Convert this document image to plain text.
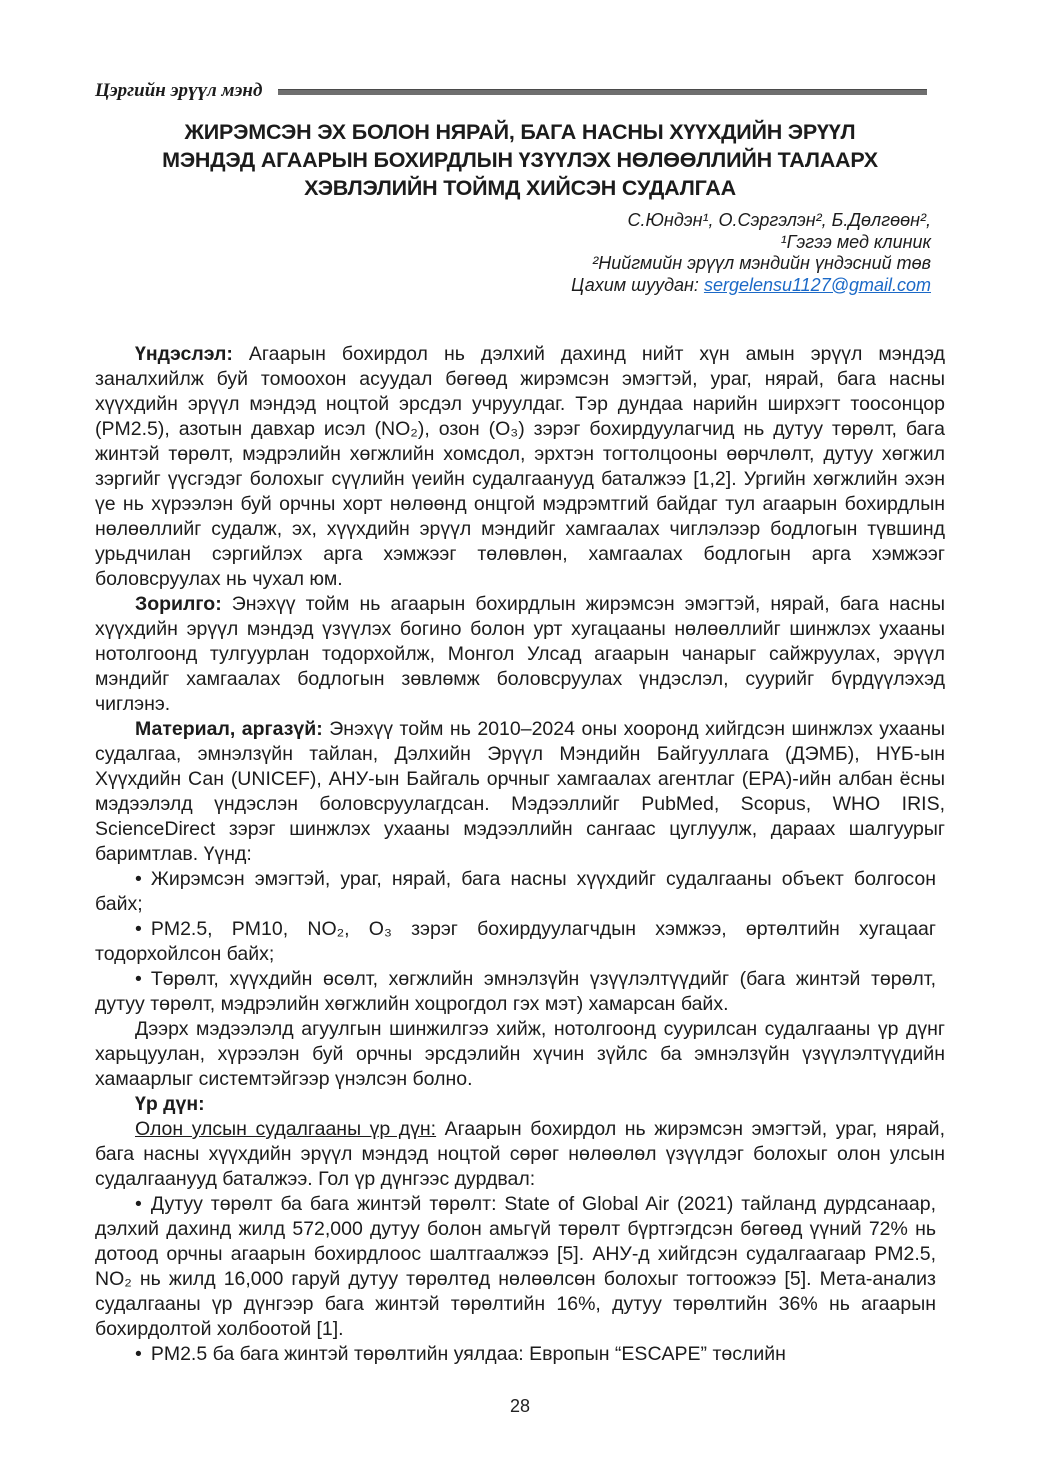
Цэргийн эрүүл мэнд
ЖИРЭМСЭН ЭХ БОЛОН НЯРАЙ, БАГА НАСНЫ ХҮҮХДИЙН ЭРҮҮЛ
МЭНДЭД АГААРЫН БОХИРДЛЫН ҮЗҮҮЛЭХ НӨЛӨӨЛЛИЙН ТАЛААРХ
ХЭВЛЭЛИЙН ТОЙМД ХИЙСЭН СУДАЛГАА
С.Юндэн¹, О.Сэргэлэн², Б.Дөлгөөн²,
¹Гэгээ мед клиник
²Нийгмийн эрүүл мэндийн үндэсний төв
Цахим шуудан: sergelensu1127@gmail.com

Үндэслэл: Агаарын бохирдол нь дэлхий дахинд нийт хүн амын эрүүл мэндэд заналхийлж буй томоохон асуудал бөгөөд жирэмсэн эмэгтэй, ураг, нярай, бага насны хүүхдийн эрүүл мэндэд ноцтой эрсдэл учруулдаг. Тэр дундаа нарийн ширхэгт тоосонцор (PM2.5), азотын давхар исэл (NO₂), озон (O₃) зэрэг бохирдуулагчид нь дутуу төрөлт, бага жинтэй төрөлт, мэдрэлийн хөгжлийн хомсдол, эрхтэн тогтолцооны өөрчлөлт, дутуу хөгжил зэргийг үүсгэдэг болохыг сүүлийн үеийн судалгаанууд баталжээ [1,2]. Ургийн хөгжлийн эхэн үе нь хүрээлэн буй орчны хорт нөлөөнд онцгой мэдрэмтгий байдаг тул агаарын бохирдлын нөлөөллийг судалж, эх, хүүхдийн эрүүл мэндийг хамгаалах чиглэлээр бодлогын түвшинд урьдчилан сэргийлэх арга хэмжээг төлөвлөн, хамгаалах бодлогын арга хэмжээг боловсруулах нь чухал юм.

Зорилго: Энэхүү тойм нь агаарын бохирдлын жирэмсэн эмэгтэй, нярай, бага насны хүүхдийн эрүүл мэндэд үзүүлэх богино болон урт хугацааны нөлөөллийг шинжлэх ухааны нотолгоонд тулгуурлан тодорхойлж, Монгол Улсад агаарын чанарыг сайжруулах, эрүүл мэндийг хамгаалах бодлогын зөвлөмж боловсруулах үндэслэл, суурийг бүрдүүлэхэд чиглэнэ.

Материал, аргазүй: Энэхүү тойм нь 2010–2024 оны хооронд хийгдсэн шинжлэх ухааны судалгаа, эмнэлзүйн тайлан, Дэлхийн Эрүүл Мэндийн Байгууллага (ДЭМБ), НҮБ-ын Хүүхдийн Сан (UNICEF), АНУ-ын Байгаль орчныг хамгаалах агентлаг (EPA)-ийн албан ёсны мэдээлэлд үндэслэн боловсруулагдсан. Мэдээллийг PubMed, Scopus, WHO IRIS, ScienceDirect зэрэг шинжлэх ухааны мэдээллийн сангаас цуглуулж, дараах шалгуурыг баримтлав. Үүнд:

• Жирэмсэн эмэгтэй, ураг, нярай, бага насны хүүхдийг судалгааны объект болгосон байх;

• PM2.5, PM10, NO₂, O₃ зэрэг бохирдуулагчдын хэмжээ, өртөлтийн хугацааг тодорхойлсон байх;

• Төрөлт, хүүхдийн өсөлт, хөгжлийн эмнэлзүйн үзүүлэлтүүдийг (бага жинтэй төрөлт, дутуу төрөлт, мэдрэлийн хөгжлийн хоцрогдол гэх мэт) хамарсан байх.

Дээрх мэдээлэлд агуулгын шинжилгээ хийж, нотолгоонд суурилсан судалгааны үр дүнг харьцуулан, хүрээлэн буй орчны эрсдэлийн хүчин зүйлс ба эмнэлзүйн үзүүлэлтүүдийн хамаарлыг системтэйгээр үнэлсэн болно.

Үр дүн:

Олон улсын судалгааны үр дүн: Агаарын бохирдол нь жирэмсэн эмэгтэй, ураг, нярай, бага насны хүүхдийн эрүүл мэндэд ноцтой сөрөг нөлөөлөл үзүүлдэг болохыг олон улсын судалгаанууд баталжээ. Гол үр дүнгээс дурдвал:

• Дутуу төрөлт ба бага жинтэй төрөлт: State of Global Air (2021) тайланд дурдсанаар, дэлхий дахинд жилд 572,000 дутуу болон амьгүй төрөлт бүртгэгдсэн бөгөөд үүний 72% нь дотоод орчны агаарын бохирдлоос шалтгаалжээ [5]. АНУ-д хийгдсэн судалгаагаар PM2.5, NO₂ нь жилд 16,000 гаруй дутуу төрөлтөд нөлөөлсөн болохыг тогтоожээ [5]. Мета-анализ судалгааны үр дүнгээр бага жинтэй төрөлтийн 16%, дутуу төрөлтийн 36% нь агаарын бохирдолтой холбоотой [1].

• PM2.5 ба бага жинтэй төрөлтийн уялдаа: Европын “ESCAPE” төслийн

28
